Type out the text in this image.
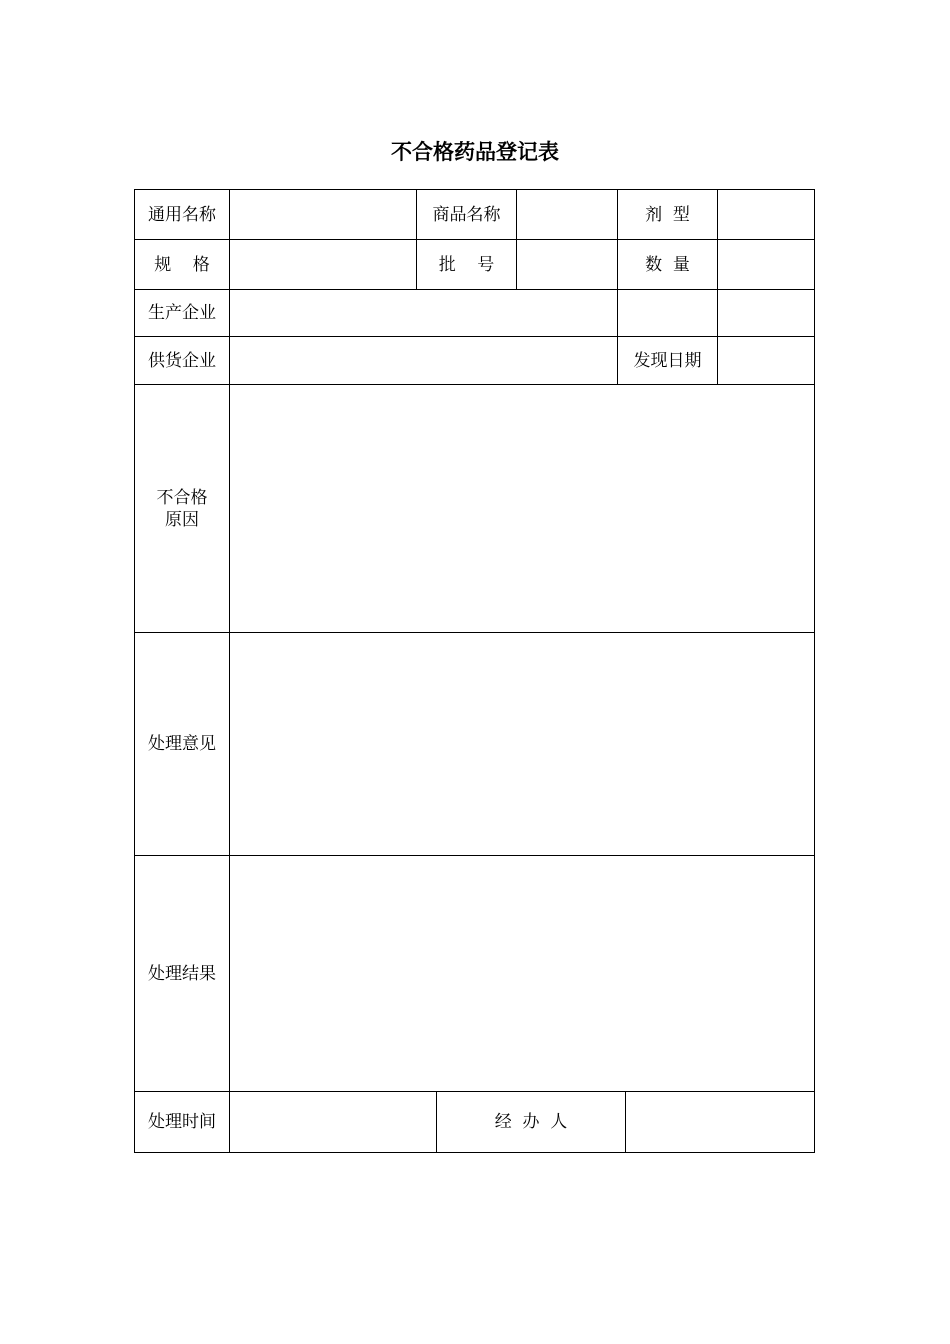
不合格药品登记表
通用名称	商品名称	剂  型
规    格	批    号	数  量
生产企业
供货企业	发现日期
不合格
原因
处理意见
处理结果
处理时间	经  办  人
